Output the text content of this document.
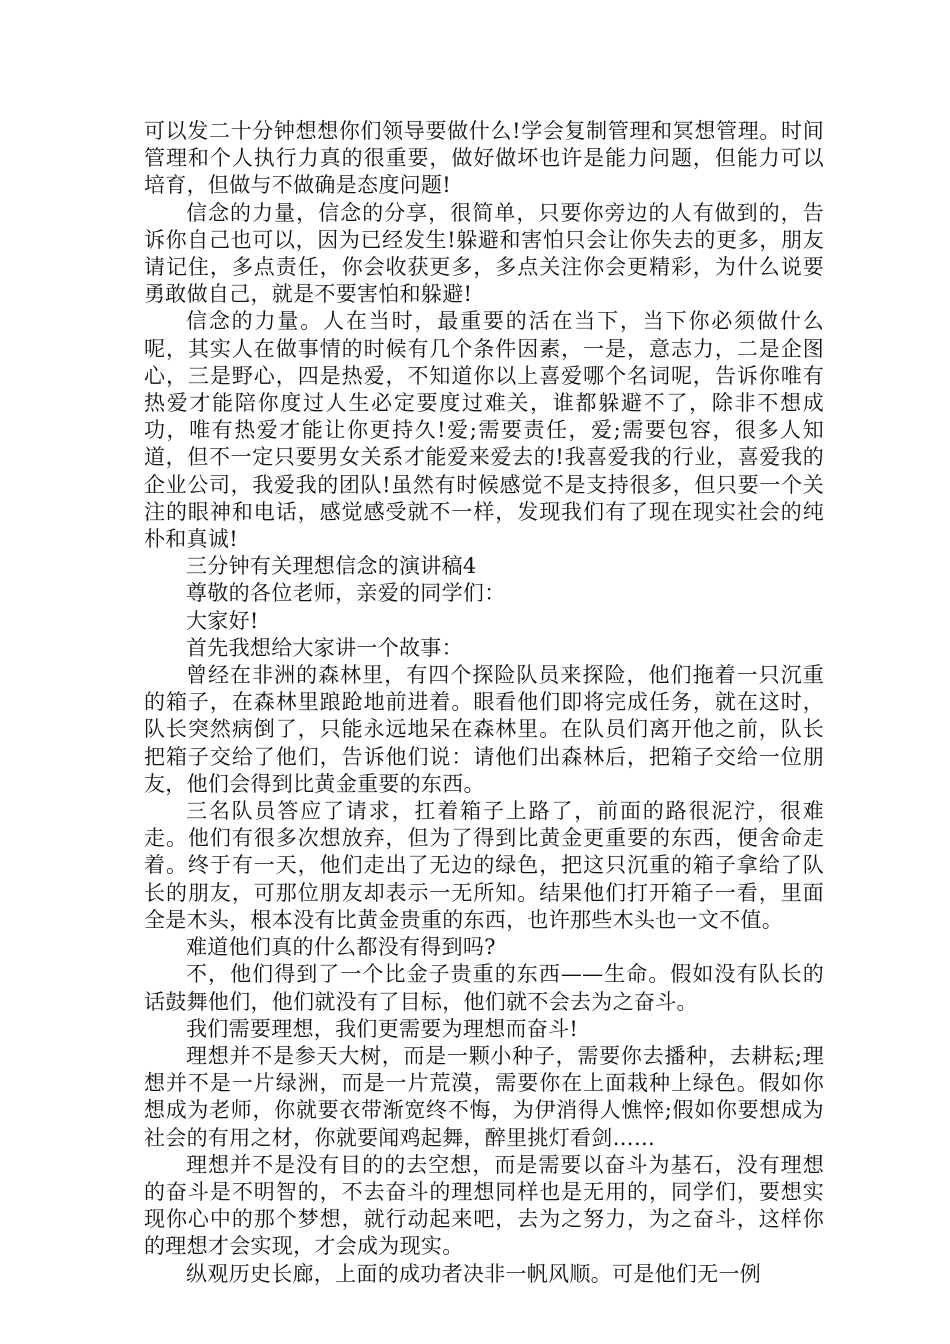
可以发二十分钟想想你们领导要做什么!学会复制管理和冥想管理。时间管理和个人执行力真的很重要，做好做坏也许是能力问题，但能力可以培育，但做与不做确是态度问题!

信念的力量，信念的分享，很简单，只要你旁边的人有做到的，告诉你自己也可以，因为已经发生!躲避和害怕只会让你失去的更多，朋友请记住，多点责任，你会收获更多，多点关注你会更精彩，为什么说要勇敢做自己，就是不要害怕和躲避!

信念的力量。人在当时，最重要的活在当下，当下你必须做什么呢，其实人在做事情的时候有几个条件因素，一是，意志力，二是企图心，三是野心，四是热爱，不知道你以上喜爱哪个名词呢，告诉你唯有热爱才能陪你度过人生必定要度过难关，谁都躲避不了，除非不想成功，唯有热爱才能让你更持久!爱;需要责任，爱;需要包容，很多人知道，但不一定只要男女关系才能爱来爱去的!我喜爱我的行业，喜爱我的企业公司，我爱我的团队!虽然有时候感觉不是支持很多，但只要一个关注的眼神和电话，感觉感受就不一样，发现我们有了现在现实社会的纯朴和真诚!

三分钟有关理想信念的演讲稿4

尊敬的各位老师，亲爱的同学们：

大家好!

首先我想给大家讲一个故事：

曾经在非洲的森林里，有四个探险队员来探险，他们拖着一只沉重的箱子，在森林里踉跄地前进着。眼看他们即将完成任务，就在这时，队长突然病倒了，只能永远地呆在森林里。在队员们离开他之前，队长把箱子交给了他们，告诉他们说：请他们出森林后，把箱子交给一位朋友，他们会得到比黄金重要的东西。

三名队员答应了请求，扛着箱子上路了，前面的路很泥泞，很难走。他们有很多次想放弃，但为了得到比黄金更重要的东西，便舍命走着。终于有一天，他们走出了无边的绿色，把这只沉重的箱子拿给了队长的朋友，可那位朋友却表示一无所知。结果他们打开箱子一看，里面全是木头，根本没有比黄金贵重的东西，也许那些木头也一文不值。

难道他们真的什么都没有得到吗?

不，他们得到了一个比金子贵重的东西——生命。假如没有队长的话鼓舞他们，他们就没有了目标，他们就不会去为之奋斗。

我们需要理想，我们更需要为理想而奋斗!

理想并不是参天大树，而是一颗小种子，需要你去播种，去耕耘;理想并不是一片绿洲，而是一片荒漠，需要你在上面栽种上绿色。假如你想成为老师，你就要衣带渐宽终不悔，为伊消得人憔悴;假如你要想成为社会的有用之材，你就要闻鸡起舞，醉里挑灯看剑……

理想并不是没有目的的去空想，而是需要以奋斗为基石，没有理想的奋斗是不明智的，不去奋斗的理想同样也是无用的，同学们，要想实现你心中的那个梦想，就行动起来吧，去为之努力，为之奋斗，这样你的理想才会实现，才会成为现实。

纵观历史长廊，上面的成功者决非一帆风顺。可是他们无一例
